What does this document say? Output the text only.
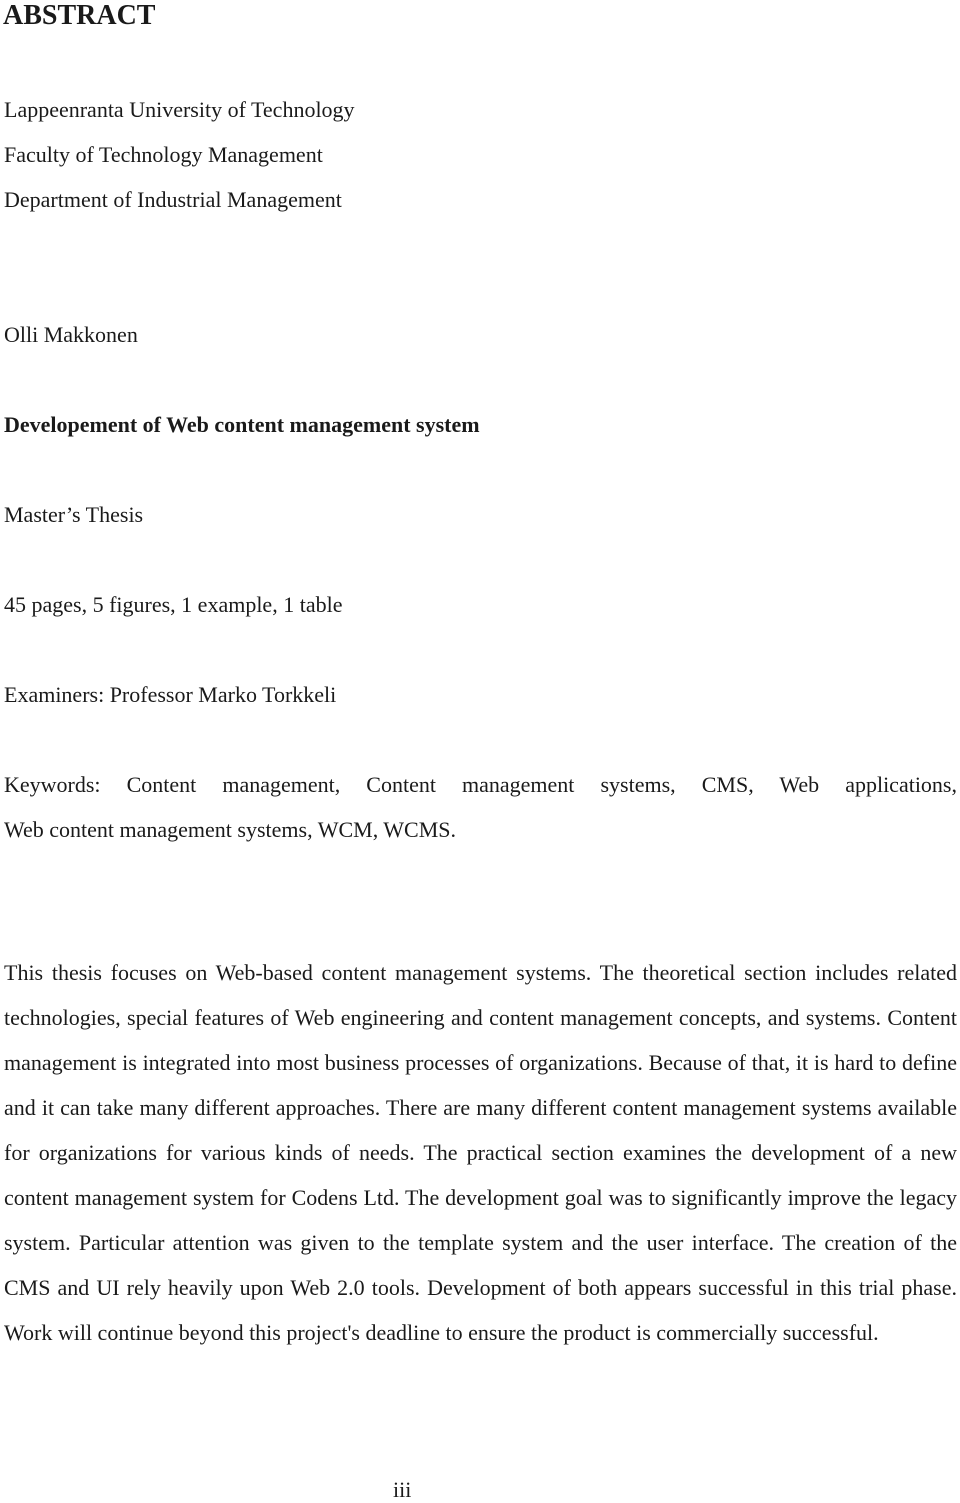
ABSTRACT

Lappeenranta University of Technology

Faculty of Technology Management

Department of Industrial Management

Olli Makkonen

Developement of Web content management system

Master’s Thesis

45 pages, 5 figures, 1 example, 1 table

Examiners: Professor Marko Torkkeli

Keywords: Content management, Content management systems, CMS, Web applications,

Web content management systems, WCM, WCMS.

This thesis focuses on Web-based content management systems. The theoretical section includes related technologies, special features of Web engineering and content management concepts, and systems. Content management is integrated into most business processes of organizations. Because of that, it is hard to define and it can take many different approaches. There are many different content management systems available for organizations for various kinds of needs. The practical section examines the development of a new content management system for Codens Ltd. The development goal was to significantly improve the legacy system. Particular attention was given to the template system and the user interface. The creation of the CMS and UI rely heavily upon Web 2.0 tools. Development of both appears successful in this trial phase. Work will continue beyond this project's deadline to ensure the product is commercially successful.

iii
